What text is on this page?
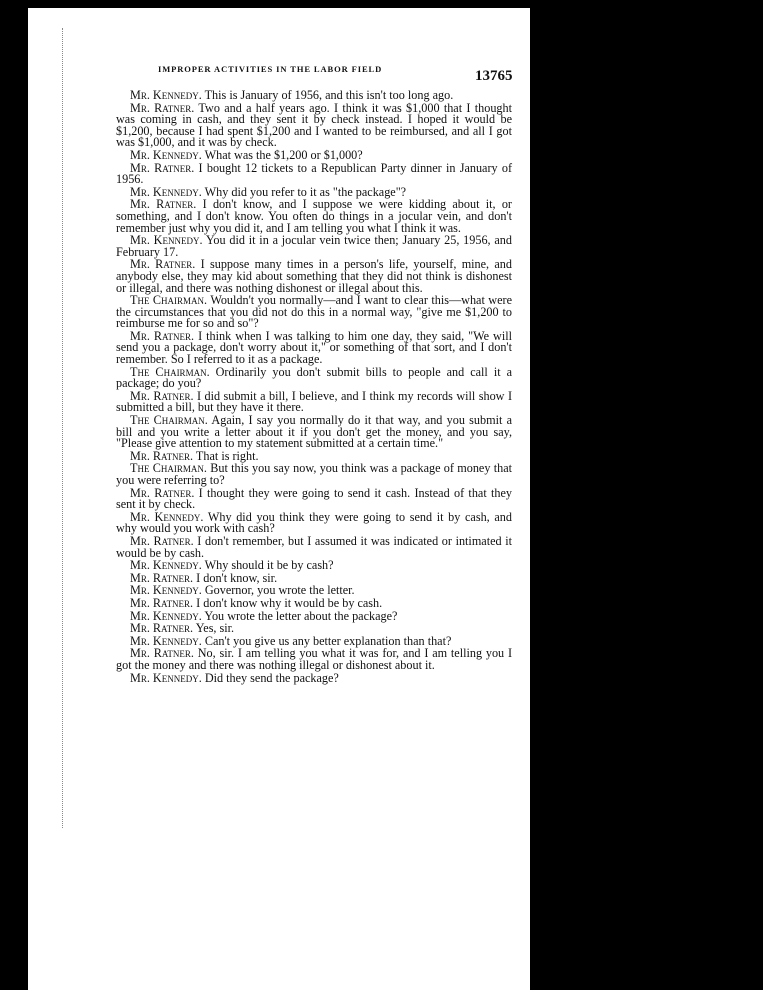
IMPROPER ACTIVITIES IN THE LABOR FIELD	13765

Mr. Kennedy. This is January of 1956, and this isn't too long ago.

Mr. Ratner. Two and a half years ago. I think it was $1,000 that I thought was coming in cash, and they sent it by check instead. I hoped it would be $1,200, because I had spent $1,200 and I wanted to be reimbursed, and all I got was $1,000, and it was by check.

Mr. Kennedy. What was the $1,200 or $1,000?

Mr. Ratner. I bought 12 tickets to a Republican Party dinner in January of 1956.

Mr. Kennedy. Why did you refer to it as "the package"?

Mr. Ratner. I don't know, and I suppose we were kidding about it, or something, and I don't know. You often do things in a jocular vein, and don't remember just why you did it, and I am telling you what I think it was.

Mr. Kennedy. You did it in a jocular vein twice then; January 25, 1956, and February 17.

Mr. Ratner. I suppose many times in a person's life, yourself, mine, and anybody else, they may kid about something that they did not think is dishonest or illegal, and there was nothing dishonest or illegal about this.

The Chairman. Wouldn't you normally—and I want to clear this—what were the circumstances that you did not do this in a normal way, "give me $1,200 to reimburse me for so and so"?

Mr. Ratner. I think when I was talking to him one day, they said, "We will send you a package, don't worry about it," or something of that sort, and I don't remember. So I referred to it as a package.

The Chairman. Ordinarily you don't submit bills to people and call it a package; do you?

Mr. Ratner. I did submit a bill, I believe, and I think my records will show I submitted a bill, but they have it there.

The Chairman. Again, I say you normally do it that way, and you submit a bill and you write a letter about it if you don't get the money, and you say, "Please give attention to my statement submitted at a certain time."

Mr. Ratner. That is right.

The Chairman. But this you say now, you think was a package of money that you were referring to?

Mr. Ratner. I thought they were going to send it cash. Instead of that they sent it by check.

Mr. Kennedy. Why did you think they were going to send it by cash, and why would you work with cash?

Mr. Ratner. I don't remember, but I assumed it was indicated or intimated it would be by cash.

Mr. Kennedy. Why should it be by cash?

Mr. Ratner. I don't know, sir.

Mr. Kennedy. Governor, you wrote the letter.

Mr. Ratner. I don't know why it would be by cash.

Mr. Kennedy. You wrote the letter about the package?

Mr. Ratner. Yes, sir.

Mr. Kennedy. Can't you give us any better explanation than that?

Mr. Ratner. No, sir. I am telling you what it was for, and I am telling you I got the money and there was nothing illegal or dishonest about it.

Mr. Kennedy. Did they send the package?
